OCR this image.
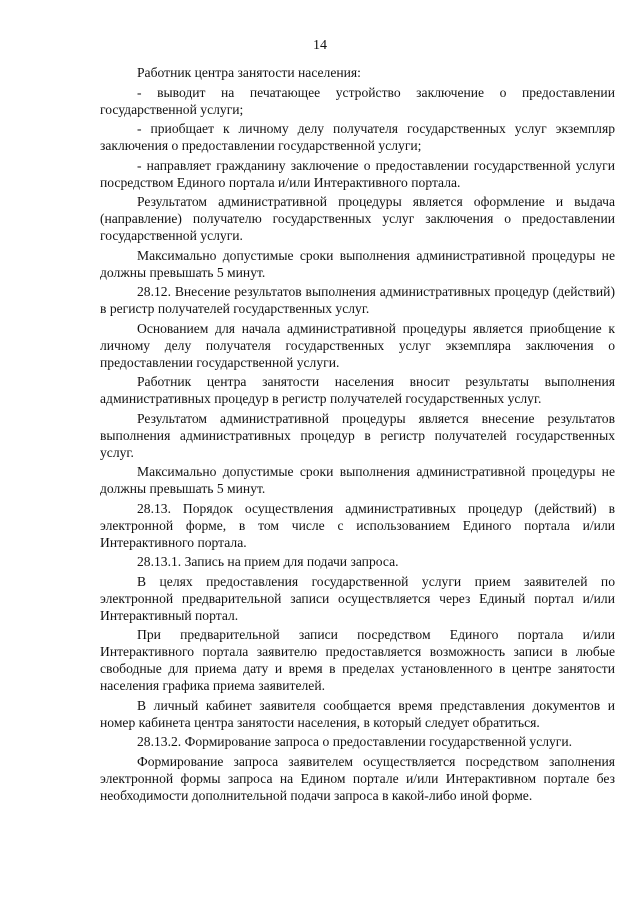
14

Работник центра занятости населения:

- выводит на печатающее устройство заключение о предоставлении государственной услуги;

- приобщает к личному делу получателя государственных услуг экземпляр заключения о предоставлении государственной услуги;

- направляет гражданину заключение о предоставлении государственной услуги посредством Единого портала и/или Интерактивного портала.

Результатом административной процедуры является оформление и выдача (направление) получателю государственных услуг заключения о предоставлении государственной услуги.

Максимально допустимые сроки выполнения административной процедуры не должны превышать 5 минут.

28.12. Внесение результатов выполнения административных процедур (действий) в регистр получателей государственных услуг.

Основанием для начала административной процедуры является приобщение к личному делу получателя государственных услуг экземпляра заключения о предоставлении государственной услуги.

Работник центра занятости населения вносит результаты выполнения административных процедур в регистр получателей государственных услуг.

Результатом административной процедуры является внесение результатов выполнения административных процедур в регистр получателей государственных услуг.

Максимально допустимые сроки выполнения административной процедуры не должны превышать 5 минут.

28.13. Порядок осуществления административных процедур (действий) в электронной форме, в том числе с использованием Единого портала и/или Интерактивного портала.

28.13.1. Запись на прием для подачи запроса.

В целях предоставления государственной услуги прием заявителей по электронной предварительной записи осуществляется через Единый портал и/или Интерактивный портал.

При предварительной записи посредством Единого портала и/или Интерактивного портала заявителю предоставляется возможность записи в любые свободные для приема дату и время в пределах установленного в центре занятости населения графика приема заявителей.

В личный кабинет заявителя сообщается время представления документов и номер кабинета центра занятости населения, в который следует обратиться.

28.13.2. Формирование запроса о предоставлении государственной услуги.

Формирование запроса заявителем осуществляется посредством заполнения электронной формы запроса на Едином портале и/или Интерактивном портале без необходимости дополнительной подачи запроса в какой-либо иной форме.
